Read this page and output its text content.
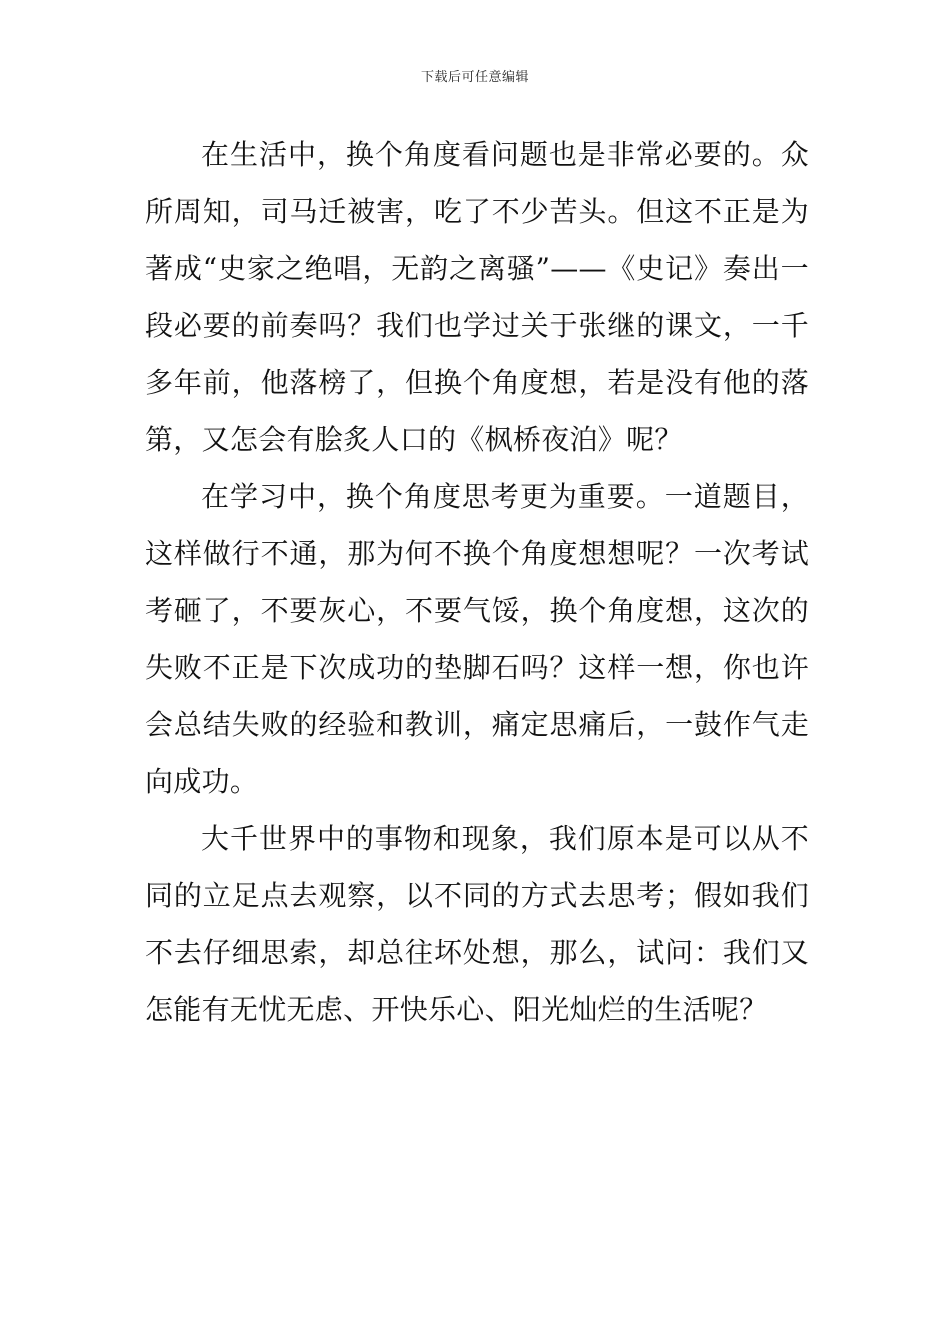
下载后可任意编辑

在生活中，换个角度看问题也是非常必要的。众所周知，司马迁被害，吃了不少苦头。但这不正是为著成“史家之绝唱，无韵之离骚”——《史记》奏出一段必要的前奏吗？我们也学过关于张继的课文，一千多年前，他落榜了，但换个角度想，若是没有他的落第，又怎会有脍炙人口的《枫桥夜泊》呢？

在学习中，换个角度思考更为重要。一道题目，这样做行不通，那为何不换个角度想想呢？一次考试考砸了，不要灰心，不要气馁，换个角度想，这次的失败不正是下次成功的垫脚石吗？这样一想，你也许会总结失败的经验和教训，痛定思痛后，一鼓作气走向成功。

大千世界中的事物和现象，我们原本是可以从不同的立足点去观察，以不同的方式去思考；假如我们不去仔细思索，却总往坏处想，那么，试问：我们又怎能有无忧无虑、开快乐心、阳光灿烂的生活呢？
